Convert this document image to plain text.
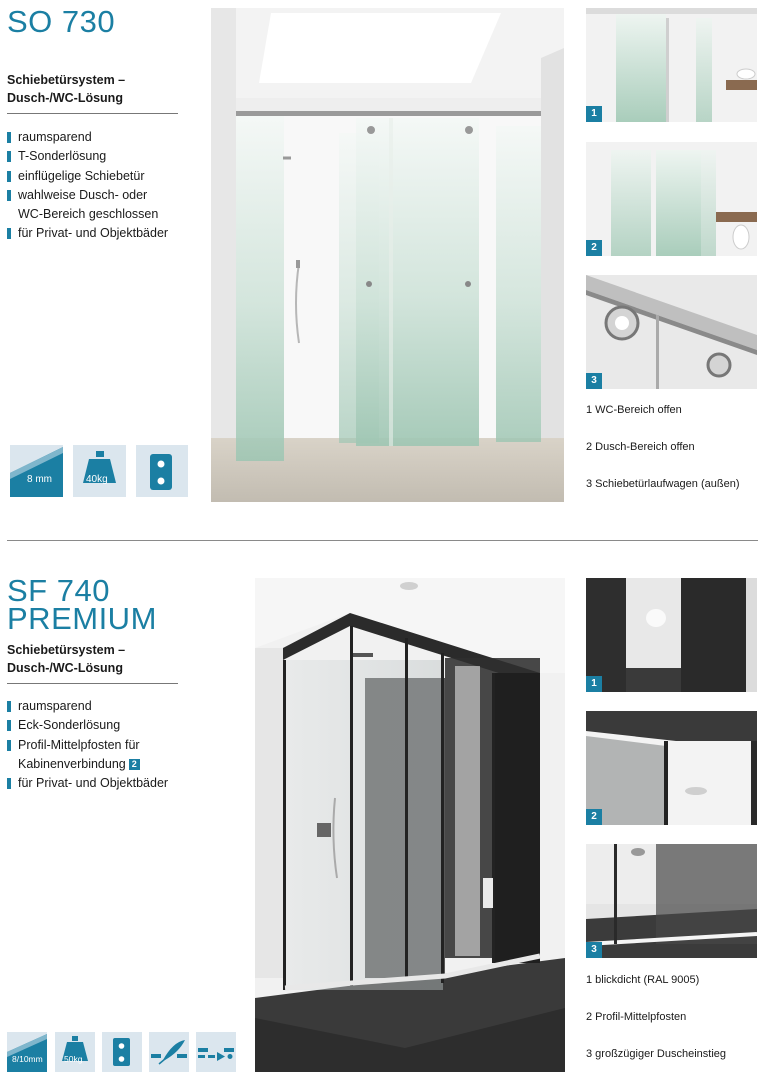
SO 730
Schiebetürsystem –
Dusch-/WC-Lösung
raumsparend
T-Sonderlösung
einflügelige Schiebetür
wahlweise Dusch- oder
WC-Bereich geschlossen
für Privat- und Objektbäder
8 mm	40kg
1
2
3
1 WC-Bereich offen
2 Dusch-Bereich offen
3 Schiebetürlaufwagen (außen)
SF 740
PREMIUM
Schiebetürsystem –
Dusch-/WC-Lösung
raumsparend
Eck-Sonderlösung
Profil-Mittelpfosten für
Kabinenverbindung 2
für Privat- und Objektbäder
8/10mm	50kg
1
2
3
1 blickdicht (RAL 9005)
2 Profil-Mittelpfosten
3 großzügiger Duscheinstieg
